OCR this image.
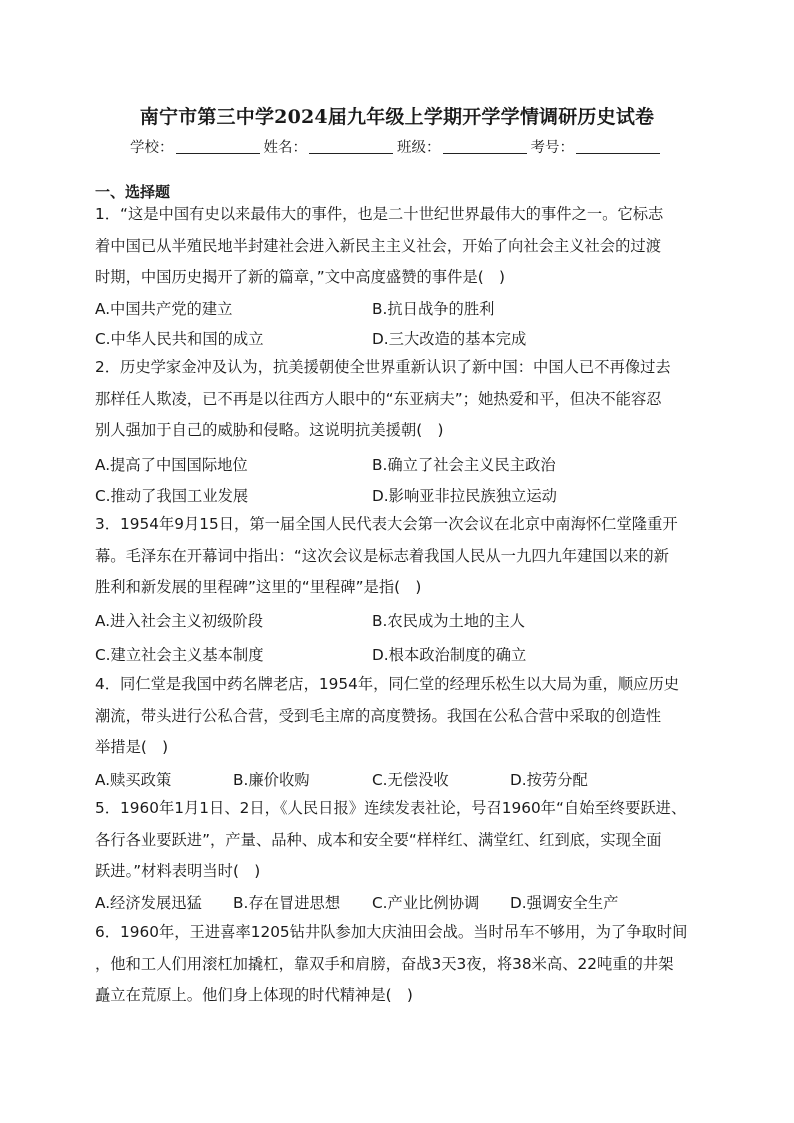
南宁市第三中学2024届九年级上学期开学学情调研历史试卷
学校：	姓名：	班级：	考号：
一、选择题
1．“这是中国有史以来最伟大的事件，也是二十世纪世界最伟大的事件之一。它标志
着中国已从半殖民地半封建社会进入新民主主义社会，开始了向社会主义社会的过渡
时期，中国历史揭开了新的篇章，”文中高度盛赞的事件是(　)
A.中国共产党的建立	B.抗日战争的胜利
C.中华人民共和国的成立	D.三大改造的基本完成
2．历史学家金冲及认为，抗美援朝使全世界重新认识了新中国：中国人已不再像过去
那样任人欺凌，已不再是以往西方人眼中的“东亚病夫”；她热爱和平，但决不能容忍
别人强加于自己的威胁和侵略。这说明抗美援朝(　)
A.提高了中国国际地位	B.确立了社会主义民主政治
C.推动了我国工业发展	D.影响亚非拉民族独立运动
3．1954年9月15日，第一届全国人民代表大会第一次会议在北京中南海怀仁堂隆重开
幕。毛泽东在开幕词中指出：“这次会议是标志着我国人民从一九四九年建国以来的新
胜利和新发展的里程碑”这里的“里程碑”是指(　)
A.进入社会主义初级阶段	B.农民成为土地的主人
C.建立社会主义基本制度	D.根本政治制度的确立
4．同仁堂是我国中药名牌老店，1954年，同仁堂的经理乐松生以大局为重，顺应历史
潮流，带头进行公私合营，受到毛主席的高度赞扬。我国在公私合营中采取的创造性
举措是(　)
A.赎买政策	B.廉价收购	C.无偿没收	D.按劳分配
5．1960年1月1日、2日，《人民日报》连续发表社论，号召1960年“自始至终要跃进、
各行各业要跃进”，产量、品种、成本和安全要“样样红、满堂红、红到底，实现全面
跃进。”材料表明当时(　)
A.经济发展迅猛 B.存在冒进思想 C.产业比例协调 D.强调安全生产
6．1960年，王进喜率1205钻井队参加大庆油田会战。当时吊车不够用，为了争取时间
，他和工人们用滚杠加撬杠，靠双手和肩膀，奋战3天3夜，将38米高、22吨重的井架
矗立在荒原上。他们身上体现的时代精神是(　)
